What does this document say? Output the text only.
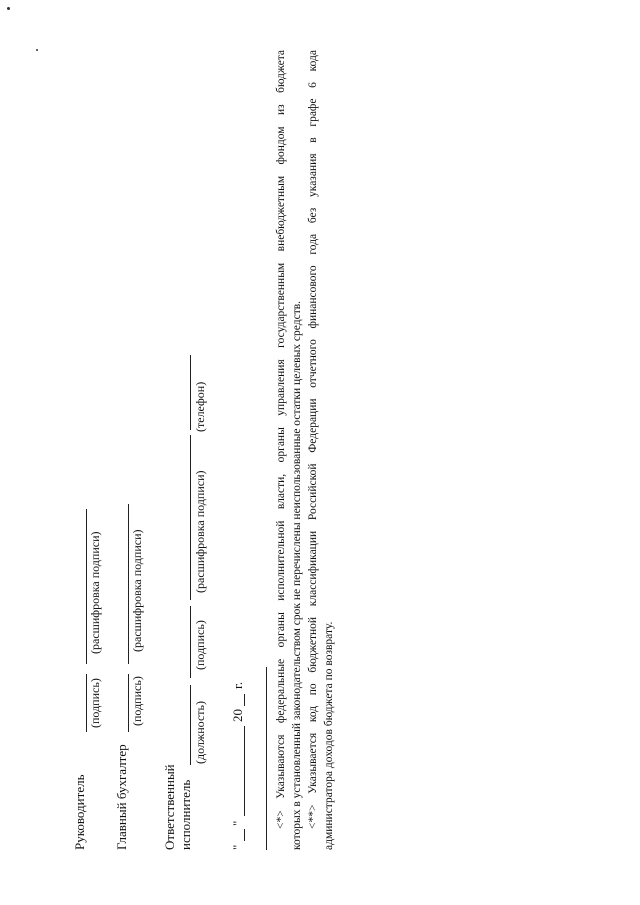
Руководитель
(подпись)
(расшифровка подписи)
Главный бухгалтер
(подпись)
(расшифровка подписи)
Ответственный исполнитель
(должность)
(подпись)
(расшифровка подписи)
(телефон)
"
"
20
г.	<*> Указываются федеральные органы исполнительной власти, органы управления государственным внебюджетным фондом из бюджета которых в установленный законодательством срок не перечислены неиспользованные остатки целевых средств. <**> Указывается код по бюджетной классификации Российской Федерации отчетного финансового года без указания в графе 6 кода администратора доходов бюджета по возврату.
